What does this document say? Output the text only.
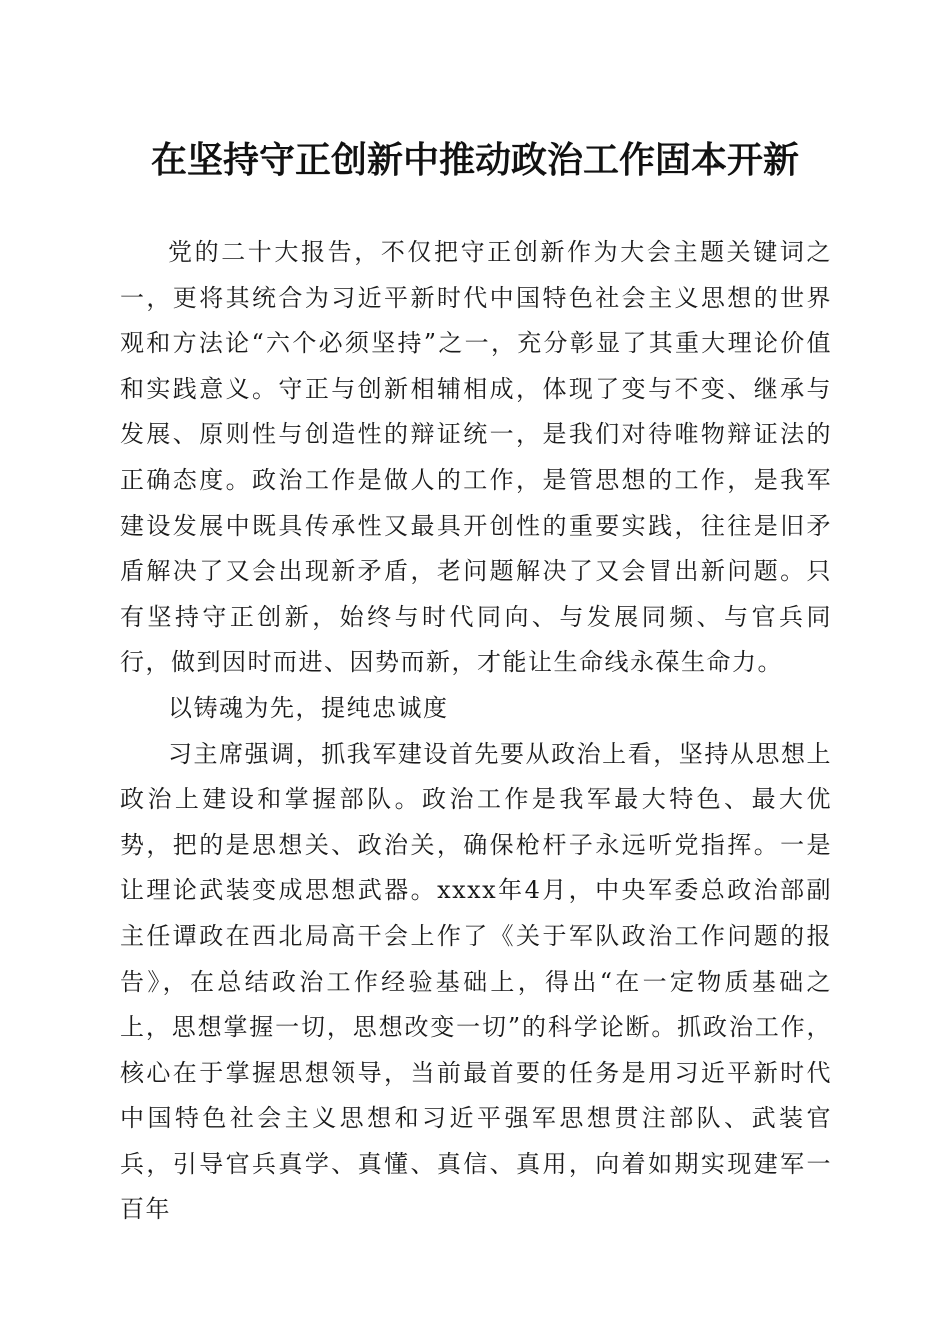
在坚持守正创新中推动政治工作固本开新

党的二十大报告，不仅把守正创新作为大会主题关键词之一，更将其统合为习近平新时代中国特色社会主义思想的世界观和方法论“六个必须坚持”之一，充分彰显了其重大理论价值和实践意义。守正与创新相辅相成，体现了变与不变、继承与发展、原则性与创造性的辩证统一，是我们对待唯物辩证法的正确态度。政治工作是做人的工作，是管思想的工作，是我军建设发展中既具传承性又最具开创性的重要实践，往往是旧矛盾解决了又会出现新矛盾，老问题解决了又会冒出新问题。只有坚持守正创新，始终与时代同向、与发展同频、与官兵同行，做到因时而进、因势而新，才能让生命线永葆生命力。

以铸魂为先，提纯忠诚度

习主席强调，抓我军建设首先要从政治上看，坚持从思想上政治上建设和掌握部队。政治工作是我军最大特色、最大优势，把的是思想关、政治关，确保枪杆子永远听党指挥。一是让理论武装变成思想武器。xxxx年4月，中央军委总政治部副主任谭政在西北局高干会上作了《关于军队政治工作问题的报告》，在总结政治工作经验基础上，得出“在一定物质基础之上，思想掌握一切，思想改变一切”的科学论断。抓政治工作，核心在于掌握思想领导，当前最首要的任务是用习近平新时代中国特色社会主义思想和习近平强军思想贯注部队、武装官兵，引导官兵真学、真懂、真信、真用，向着如期实现建军一百年
